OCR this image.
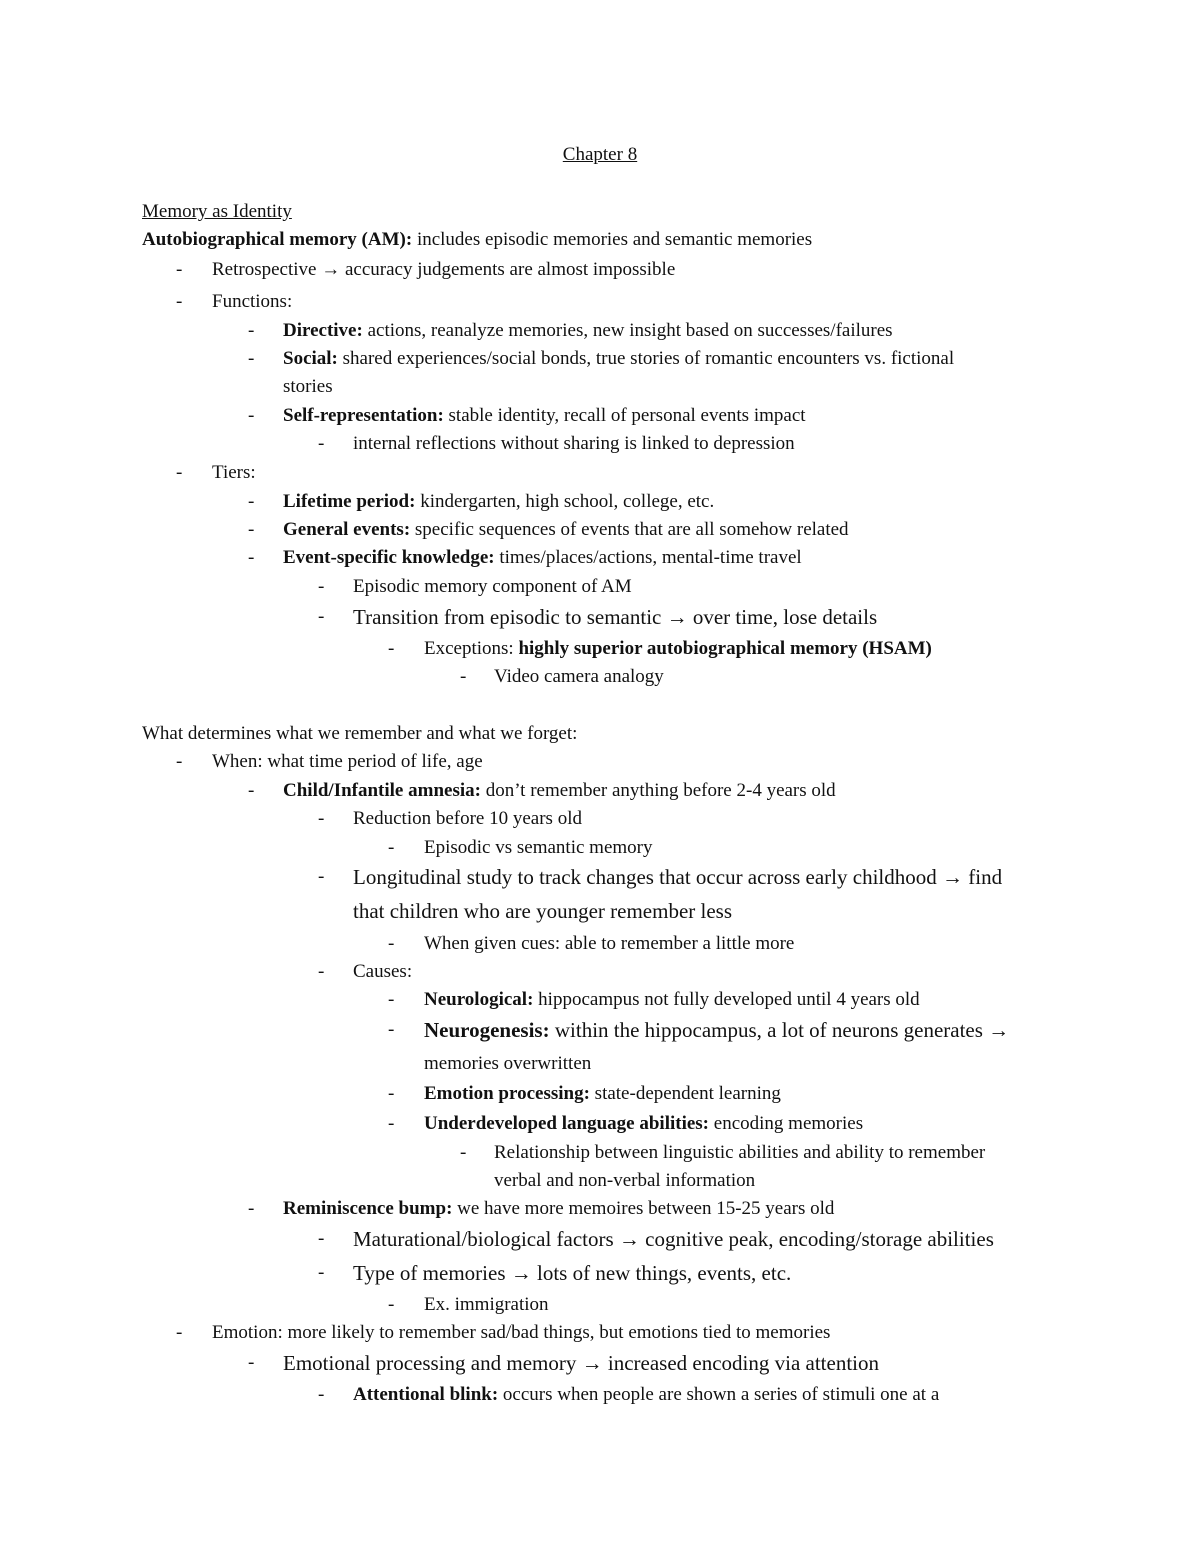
Chapter 8
Memory as Identity
Autobiographical memory (AM): includes episodic memories and semantic memories
- Retrospective → accuracy judgements are almost impossible
- Functions:
- Directive: actions, reanalyze memories, new insight based on successes/failures
- Social: shared experiences/social bonds, true stories of romantic encounters vs. fictional
stories
- Self-representation: stable identity, recall of personal events impact
- internal reflections without sharing is linked to depression
- Tiers:
- Lifetime period: kindergarten, high school, college, etc.
- General events: specific sequences of events that are all somehow related
- Event-specific knowledge: times/places/actions, mental-time travel
- Episodic memory component of AM
- Transition from episodic to semantic → over time, lose details
- Exceptions: highly superior autobiographical memory (HSAM)
- Video camera analogy
What determines what we remember and what we forget:
- When: what time period of life, age
- Child/Infantile amnesia: don’t remember anything before 2-4 years old
- Reduction before 10 years old
- Episodic vs semantic memory
- Longitudinal study to track changes that occur across early childhood → find
that children who are younger remember less
- When given cues: able to remember a little more
- Causes:
- Neurological: hippocampus not fully developed until 4 years old
- Neurogenesis: within the hippocampus, a lot of neurons generates →
memories overwritten
- Emotion processing: state-dependent learning
- Underdeveloped language abilities: encoding memories
- Relationship between linguistic abilities and ability to remember
verbal and non-verbal information
- Reminiscence bump: we have more memoires between 15-25 years old
- Maturational/biological factors → cognitive peak, encoding/storage abilities
- Type of memories → lots of new things, events, etc.
- Ex. immigration
- Emotion: more likely to remember sad/bad things, but emotions tied to memories
- Emotional processing and memory → increased encoding via attention
- Attentional blink: occurs when people are shown a series of stimuli one at a
